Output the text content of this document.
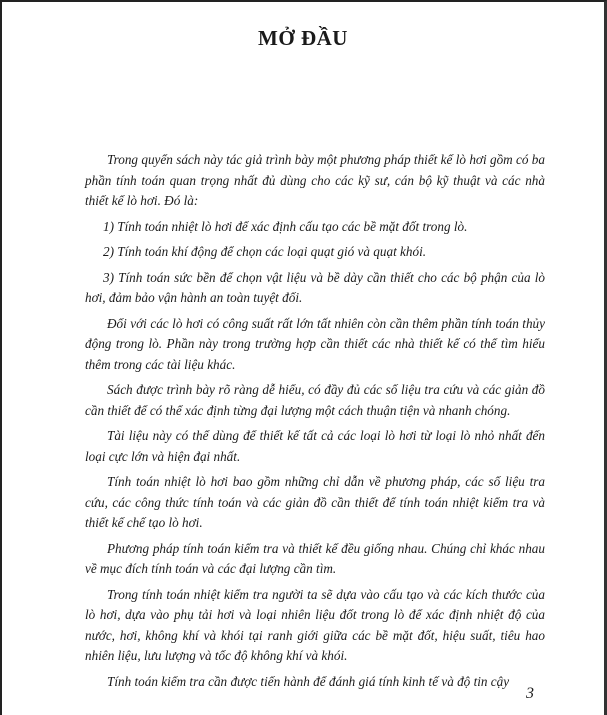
MỞ ĐẦU

Trong quyển sách này tác giả trình bày một phương pháp thiết kế lò hơi gồm có ba phần tính toán quan trọng nhất đủ dùng cho các kỹ sư, cán bộ kỹ thuật và các nhà thiết kế lò hơi. Đó là:

1) Tính toán nhiệt lò hơi để xác định cấu tạo các bề mặt đốt trong lò.

2) Tính toán khí động để chọn các loại quạt gió và quạt khói.

3) Tính toán sức bền để chọn vật liệu và bề dày cần thiết cho các bộ phận của lò hơi, đảm bảo vận hành an toàn tuyệt đối.

Đối với các lò hơi có công suất rất lớn tất nhiên còn cần thêm phần tính toán thủy động trong lò. Phần này trong trường hợp cần thiết các nhà thiết kế có thể tìm hiểu thêm trong các tài liệu khác.

Sách được trình bày rõ ràng dễ hiểu, có đầy đủ các số liệu tra cứu và các giản đồ cần thiết để có thể xác định từng đại lượng một cách thuận tiện và nhanh chóng.

Tài liệu này có thể dùng để thiết kế tất cả các loại lò hơi từ loại lò nhỏ nhất đến loại cực lớn và hiện đại nhất.

Tính toán nhiệt lò hơi bao gồm những chỉ dẫn về phương pháp, các số liệu tra cứu, các công thức tính toán và các giản đồ cần thiết để tính toán nhiệt kiểm tra và thiết kế chế tạo lò hơi.

Phương pháp tính toán kiểm tra và thiết kế đều giống nhau. Chúng chỉ khác nhau về mục đích tính toán và các đại lượng cần tìm.

Trong tính toán nhiệt kiểm tra người ta sẽ dựa vào cấu tạo và các kích thước của lò hơi, dựa vào phụ tải hơi và loại nhiên liệu đốt trong lò để xác định nhiệt độ của nước, hơi, không khí và khói tại ranh giới giữa các bề mặt đốt, hiệu suất, tiêu hao nhiên liệu, lưu lượng và tốc độ không khí và khói.

Tính toán kiểm tra cần được tiến hành để đánh giá tính kinh tế và độ tin cậy

3
